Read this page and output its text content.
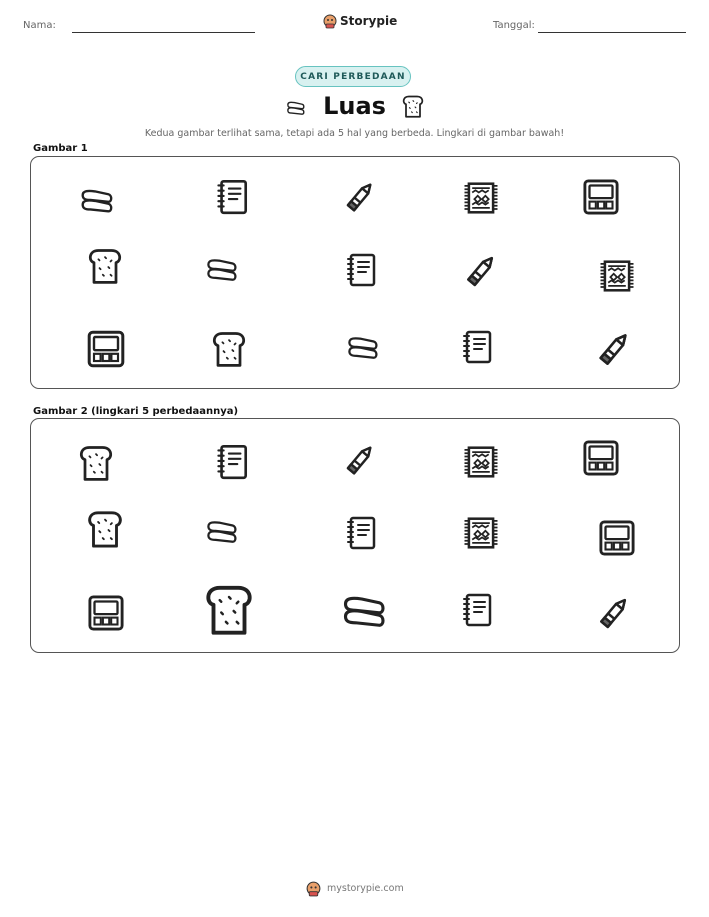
Nama:	Storypie	Tanggal:
CARI PERBEDAAN
Luas
Kedua gambar terlihat sama, tetapi ada 5 hal yang berbeda. Lingkari di gambar bawah!
Gambar 1
Gambar 2 (lingkari 5 perbedaannya)
mystorypie.com
